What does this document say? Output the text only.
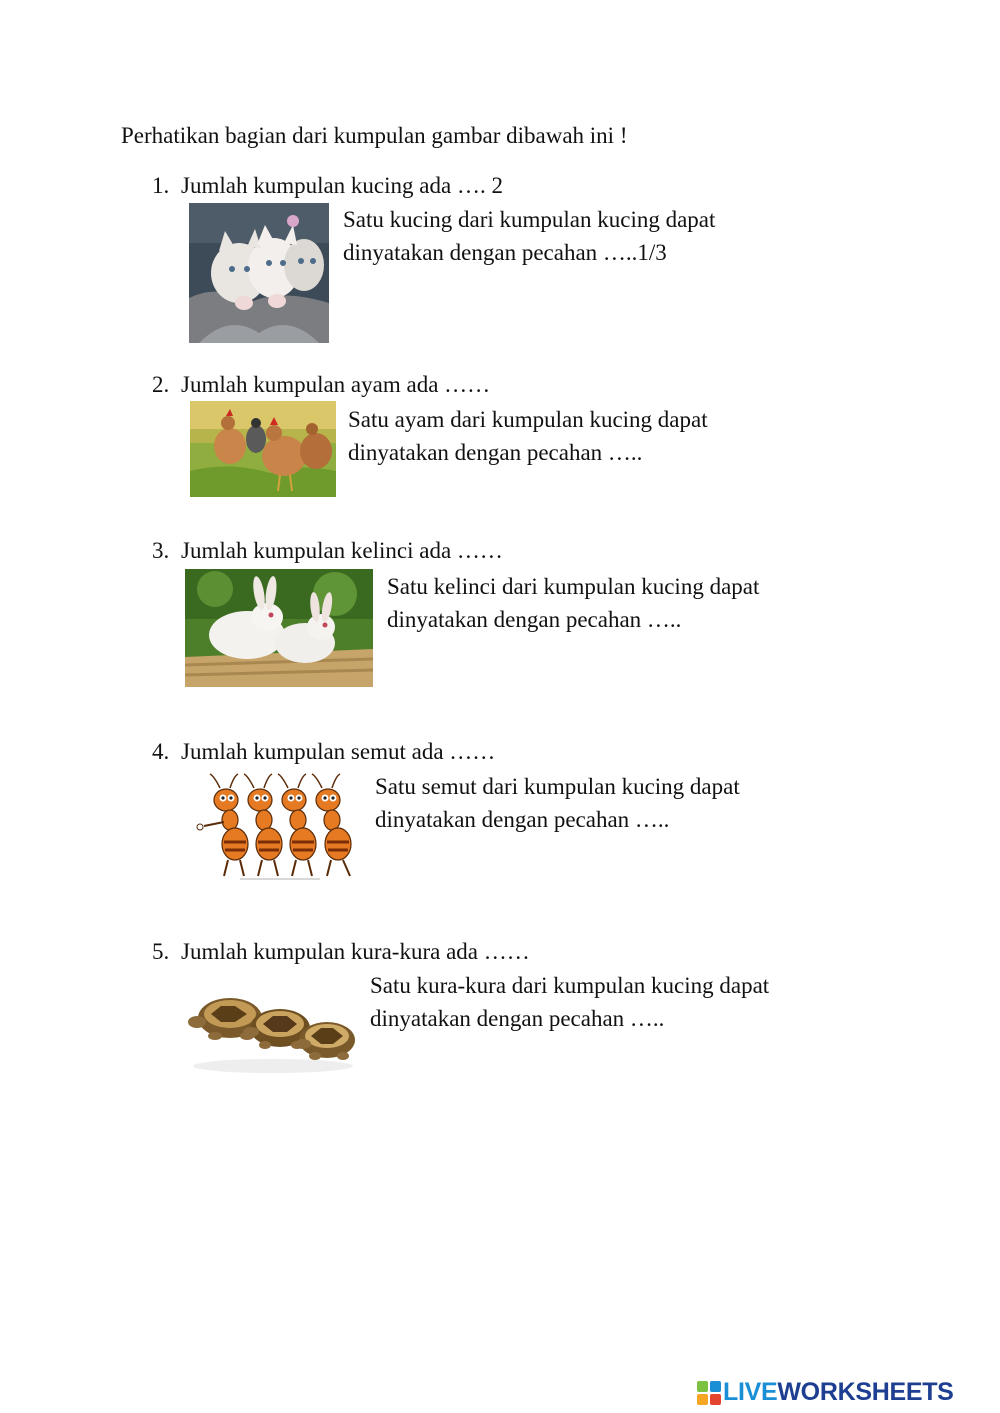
Perhatikan bagian dari kumpulan gambar dibawah ini !
1. Jumlah kumpulan kucing ada …. 2
Satu kucing dari kumpulan kucing dapat
dinyatakan dengan pecahan …..1/3
2. Jumlah kumpulan ayam ada ……
Satu ayam dari kumpulan kucing dapat
dinyatakan dengan pecahan …..
3. Jumlah kumpulan kelinci ada ……
Satu kelinci dari kumpulan kucing dapat
dinyatakan dengan pecahan …..
4. Jumlah kumpulan semut ada ……
Satu semut dari kumpulan kucing dapat
dinyatakan dengan pecahan …..
5. Jumlah kumpulan kura-kura ada ……
Satu kura-kura dari kumpulan kucing dapat
dinyatakan dengan pecahan …..
LIVE WORKSHEETS
